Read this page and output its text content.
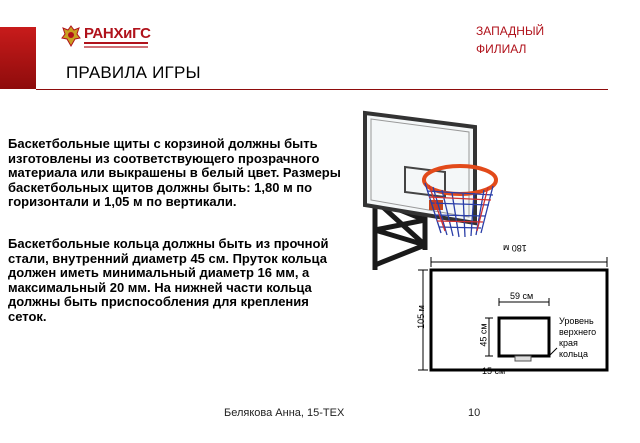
РАНХиГС	ЗАПАДНЫЙ
ФИЛИАЛ
ПРАВИЛА ИГРЫ
Баскетбольные щиты с корзиной должны быть изготовлены из соответствующего прозрачного материала или выкрашены в белый цвет. Размеры баскетбольных щитов должны быть: 1,80 м по горизонтали и 1,05 м по вертикали.
Баскетбольные кольца должны быть из прочной стали, внутренний диаметр 45 см. Пруток кольца должен иметь минимальный диаметр 16 мм, а максимальный 20 мм. На нижней части кольца должны быть приспособления для крепления сеток.
180 м
105 м
59 см
45 см
15 см
Уровень верхнего края кольца
Белякова Анна, 15-ТЕХ	10
